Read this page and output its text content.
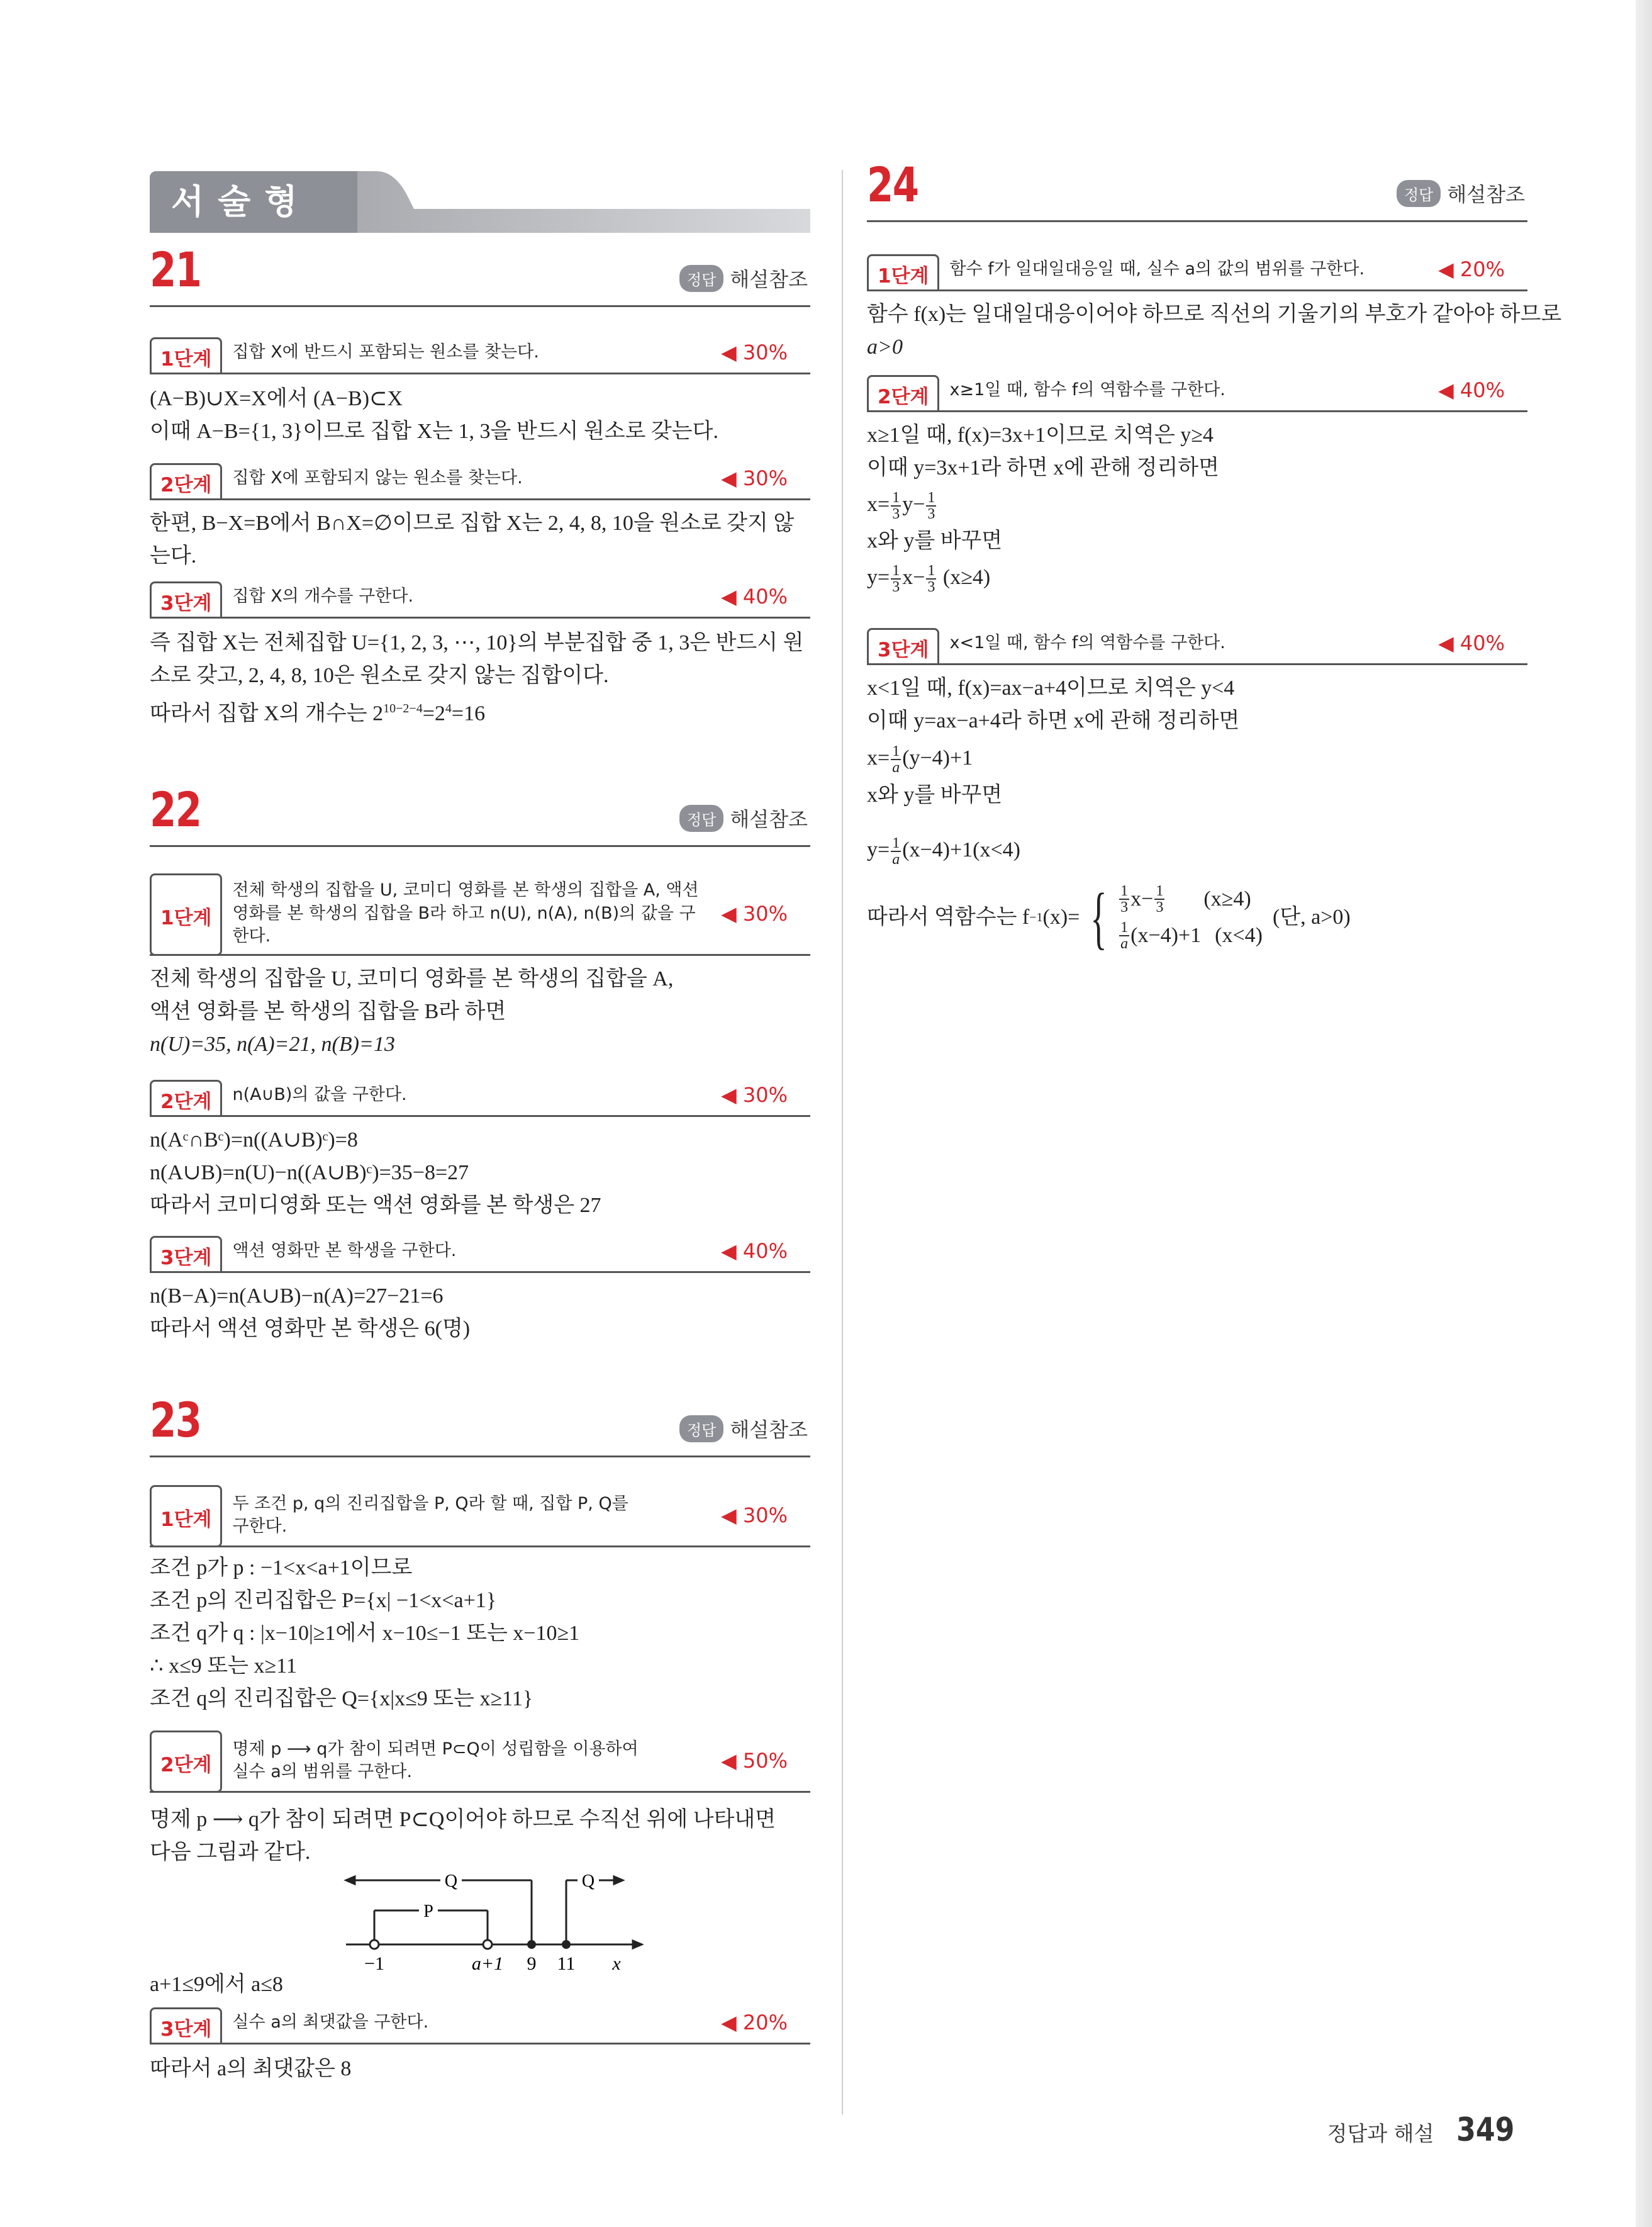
서술형
21	정답 해설참조
1단계	집합 X에 반드시 포함되는 원소를 찾는다.	◀ 30%

(A−B)∪X=X에서 (A−B)⊂X

이때 A−B={1, 3}이므로 집합 X는 1, 3을 반드시 원소로 갖는다.

2단계	집합 X에 포함되지 않는 원소를 찾는다.	◀ 30%

한편, B−X=B에서 B∩X=∅이므로 집합 X는 2, 4, 8, 10을 원소로 갖지 않는다.

3단계	집합 X의 개수를 구한다.	◀ 40%

즉 집합 X는 전체집합 U={1, 2, 3, ⋯, 10}의 부분집합 중 1, 3은 반드시 원소로 갖고, 2, 4, 8, 10은 원소로 갖지 않는 집합이다.

따라서 집합 X의 개수는 $2^{10-2-4}=2^4=16$

22	정답 해설참조
1단계
전체 학생의 집합을 U, 코미디 영화를 본 학생의 집합을 A, 액션 영화를 본 학생의 집합을 B라 하고 n(U), n(A), n(B)의 값을 구한다.
◀ 30%

전체 학생의 집합을 U, 코미디 영화를 본 학생의 집합을 A,

액션 영화를 본 학생의 집합을 B라 하면

n(U)=35, n(A)=21, n(B)=13

2단계	n(A∪B)의 값을 구한다.	◀ 30%

n(Aᶜ∩Bᶜ)=n((A∪B)ᶜ)=8

n(A∪B)=n(U)−n((A∪B)ᶜ)=35−8=27

따라서 코미디영화 또는 액션 영화를 본 학생은 27

3단계	액션 영화만 본 학생을 구한다.	◀ 40%

n(B−A)=n(A∪B)−n(A)=27−21=6

따라서 액션 영화만 본 학생은 6(명)

23	정답 해설참조
1단계
두 조건 p, q의 진리집합을 P, Q라 할 때, 집합 P, Q를 구한다.	◀ 30%

조건 p가 p : −1<x<a+1이므로

조건 p의 진리집합은 P={x| −1<x<a+1}

조건 q가 q : |x−10|≥1에서 x−10≤−1 또는 x−10≥1

∴ x≤9 또는 x≥11

조건 q의 진리집합은 Q={x|x≤9 또는 x≥11}

2단계
명제 p ⟶ q가 참이 되려면 P⊂Q이 성립함을 이용하여 실수 a의 범위를 구한다.	◀ 50%

명제 p ⟶ q가 참이 되려면 P⊂Q이어야 하므로 수직선 위에 나타내면

다음 그림과 같다.

Q
P
Q
−1	a+1 9 11 x

a+1≤9에서 a≤8

3단계	실수 a의 최댓값을 구한다.	◀ 20%

따라서 a의 최댓값은 8

24	정답 해설참조
1단계	함수 f가 일대일대응일 때, 실수 a의 값의 범위를 구한다.	◀ 20%

함수 f(x)는 일대일대응이어야 하므로 직선의 기울기의 부호가 같아야 하므로

a>0

2단계	x≥1일 때, 함수 f의 역함수를 구한다.	◀ 40%

x≥1일 때, f(x)=3x+1이므로 치역은 y≥4

이때 y=3x+1라 하면 x에 관해 정리하면

$x= \frac{1}{3} y- \frac{1}{3}$

x와 y를 바꾸면

$y= \frac{1}{3} x- \frac{1}{3} (x\ge 4)$

3단계	x<1일 때, 함수 f의 역함수를 구한다.	◀ 40%

x<1일 때, f(x)=ax−a+4이므로 치역은 y<4

이때 y=ax−a+4라 하면 x에 관해 정리하면

$x= \frac{1}{a} (y-4)+1$

x와 y를 바꾸면

$y= \frac{1}{a} (x-4)+1(x<4)$

따라서 역함수는 f −1 (x)= { $\frac{1}{3} x- \frac{1}{3} (x\ge 4)$
$\frac{1}{a} (x-4)+1$ (x<4)
(단, a>0)
정답과 해설 349
